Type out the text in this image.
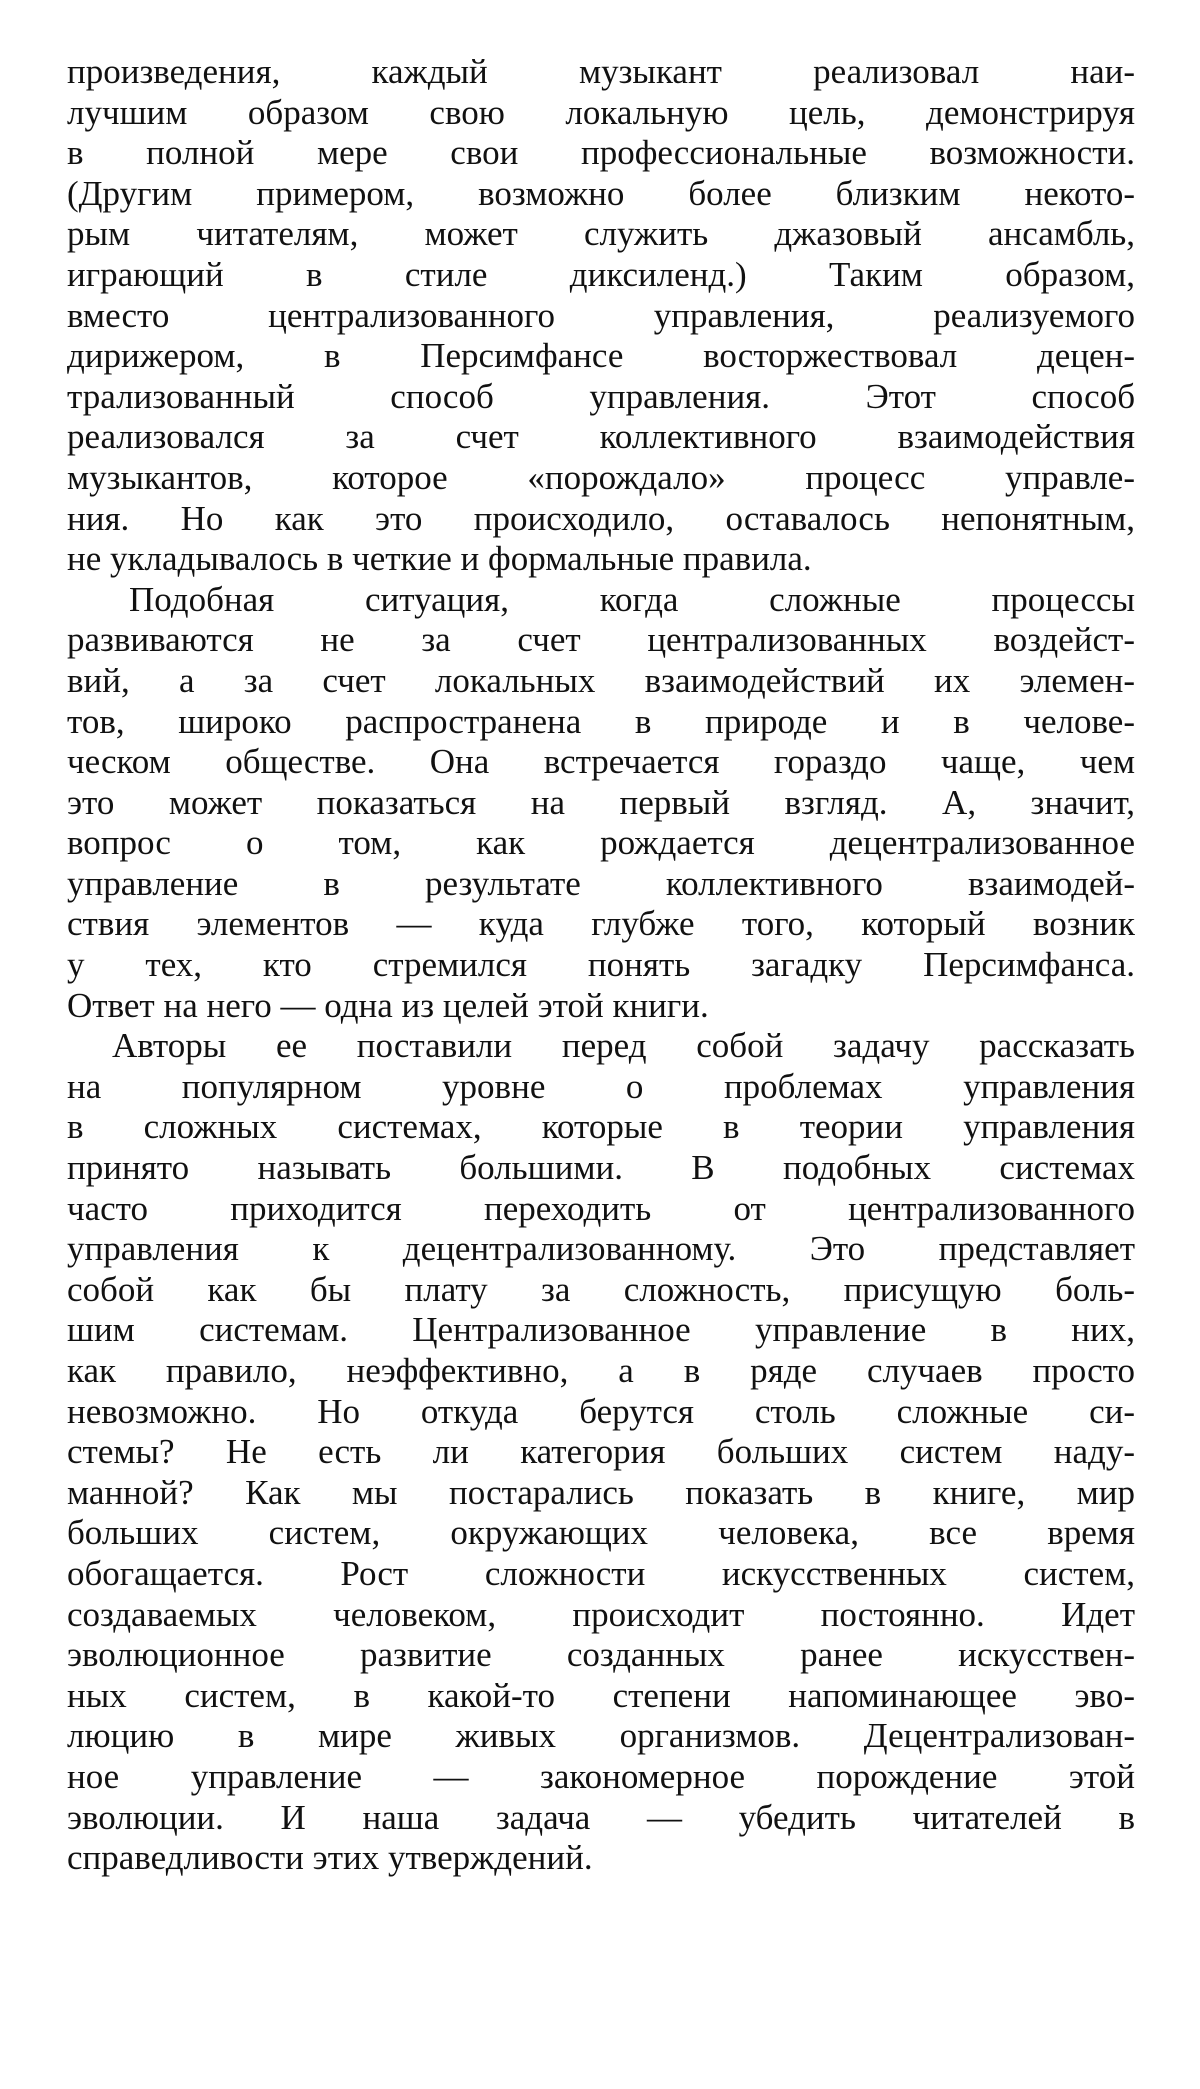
произведения, каждый музыкант реализовал наи-
лучшим образом свою локальную цель, демонстрируя
в полной мере свои профессиональные возможности.
(Другим примером, возможно более близким некото-
рым читателям, может служить джазовый ансамбль,
играющий в стиле диксиленд.) Таким образом,
вместо централизованного управления, реализуемого
дирижером, в Персимфансе восторжествовал децен-
трализованный способ управления. Этот способ
реализовался за счет коллективного взаимодействия
музыкантов, которое «порождало» процесс управле-
ния. Но как это происходило, оставалось непонятным,
не укладывалось в четкие и формальные правила.
Подобная ситуация, когда сложные процессы
развиваются не за счет централизованных воздейст-
вий, а за счет локальных взаимодействий их элемен-
тов, широко распространена в природе и в челове-
ческом обществе. Она встречается гораздо чаще, чем
это может показаться на первый взгляд. А, значит,
вопрос о том, как рождается децентрализованное
управление в результате коллективного взаимодей-
ствия элементов — куда глубже того, который возник
у тех, кто стремился понять загадку Персимфанса.
Ответ на него — одна из целей этой книги.
Авторы ее поставили перед собой задачу рассказать
на популярном уровне о проблемах управления
в сложных системах, которые в теории управления
принято называть большими. В подобных системах
часто приходится переходить от централизованного
управления к децентрализованному. Это представляет
собой как бы плату за сложность, присущую боль-
шим системам. Централизованное управление в них,
как правило, неэффективно, а в ряде случаев просто
невозможно. Но откуда берутся столь сложные си-
стемы? Не есть ли категория больших систем наду-
манной? Как мы постарались показать в книге, мир
больших систем, окружающих человека, все время
обогащается. Рост сложности искусственных систем,
создаваемых человеком, происходит постоянно. Идет
эволюционное развитие созданных ранее искусствен-
ных систем, в какой-то степени напоминающее эво-
люцию в мире живых организмов. Децентрализован-
ное управление — закономерное порождение этой
эволюции. И наша задача — убедить читателей в
справедливости этих утверждений.
